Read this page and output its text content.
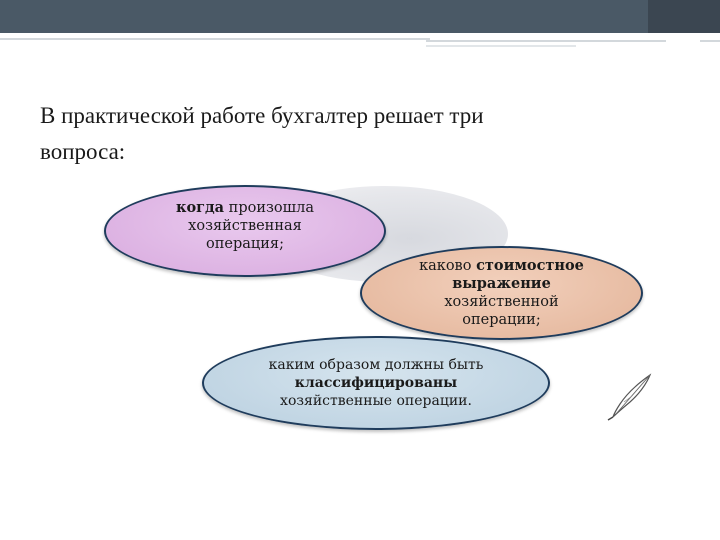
В практической работе бухгалтер решает три
вопроса:
когда произошла
хозяйственная
операция;
каково стоимостное
выражение
хозяйственной
операции;
каким образом должны быть
классифицированы
хозяйственные операции.
